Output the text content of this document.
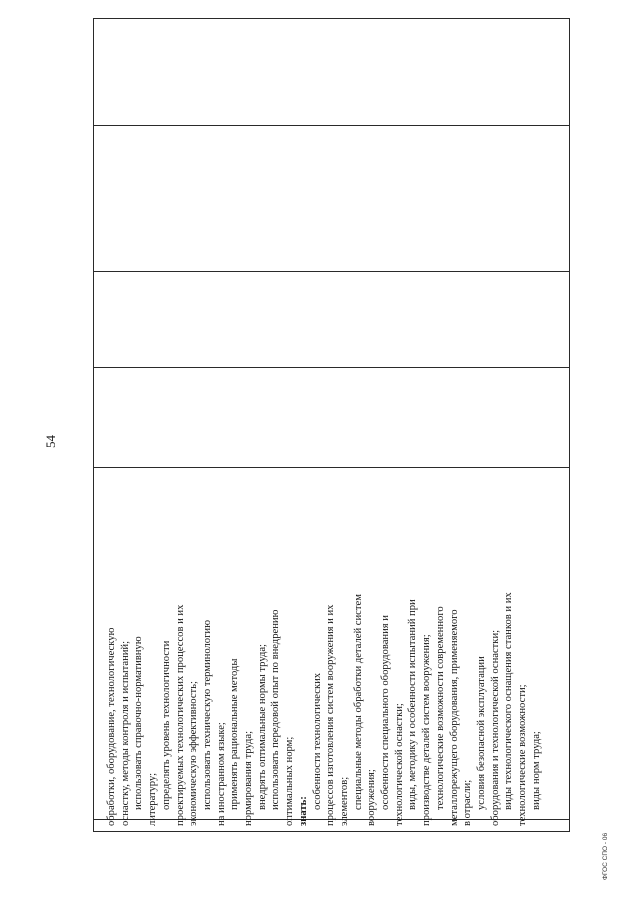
обработки, оборудование, технологическую оснастку, методы контроля и испытаний; использовать справочно-нормативную литературу; определять уровень технологичности проектируемых технологических процессов и их экономическую эффективность; использовать техническую терминологию на иностранном языке; применять рациональные методы нормирования труда; внедрять оптимальные нормы труда; использовать передовой опыт по внедрению оптимальных норм; знать:

особенности технологических процессов изготовления систем вооружения и их элементов; специальные методы обработки деталей систем вооружения; особенности специального оборудования и технологической оснастки; виды, методику и особенности испытаний при производстве деталей систем вооружения; технологические возможности современного металлорежущего оборудования, применяемого в отрасли; условия безопасной эксплуатации оборудования и технологической оснастки; виды технологического оснащения станков и их технологические возможности; виды норм труда;

54
ФГОС СПО - 06
